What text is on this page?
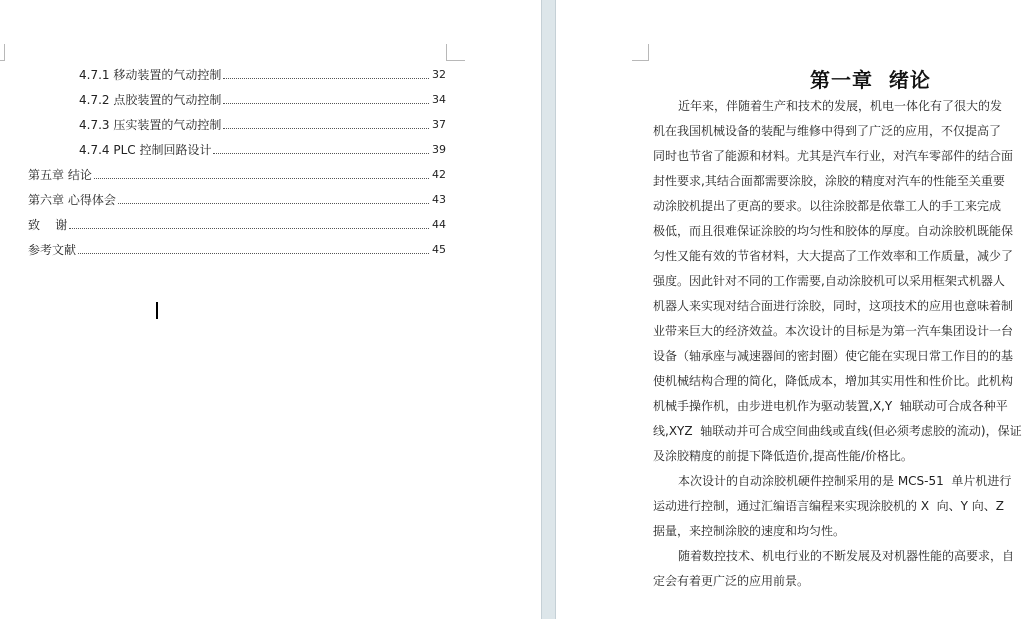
4.7.1 移动装置的气动控制	32
4.7.2 点胶装置的气动控制	34
4.7.3 压实装置的气动控制	37
4.7.4 PLC 控制回路设计	39
第五章 结论	42
第六章 心得体会	43
致    谢	44
参考文献	45
第一章  绪论
近年来，伴随着生产和技术的发展，机电一体化有了很大的发
机在我国机械设备的装配与维修中得到了广泛的应用，不仅提高了
同时也节省了能源和材料。尤其是汽车行业，对汽车零部件的结合面
封性要求,其结合面都需要涂胶，涂胶的精度对汽车的性能至关重要
动涂胶机提出了更高的要求。以往涂胶都是依靠工人的手工来完成
极低，而且很难保证涂胶的均匀性和胶体的厚度。自动涂胶机既能保
匀性又能有效的节省材料，大大提高了工作效率和工作质量，减少了
强度。因此针对不同的工作需要,自动涂胶机可以采用框架式机器人
机器人来实现对结合面进行涂胶，同时，这项技术的应用也意味着制
业带来巨大的经济效益。本次设计的目标是为第一汽车集团设计一台
设备（轴承座与减速器间的密封圈）使它能在实现日常工作目的的基
使机械结构合理的简化，降低成本，增加其实用性和性价比。此机构
机械手操作机，由步进电机作为驱动装置,X,Y  轴联动可合成各种平
线,XYZ  轴联动并可合成空间曲线或直线(但必须考虑胶的流动)，保证
及涂胶精度的前提下降低造价,提高性能/价格比。
本次设计的自动涂胶机硬件控制采用的是 MCS-51  单片机进行
运动进行控制，通过汇编语言编程来实现涂胶机的 X  向、Y 向、Z
据量，来控制涂胶的速度和均匀性。
随着数控技术、机电行业的不断发展及对机器性能的高要求，自
定会有着更广泛的应用前景。
